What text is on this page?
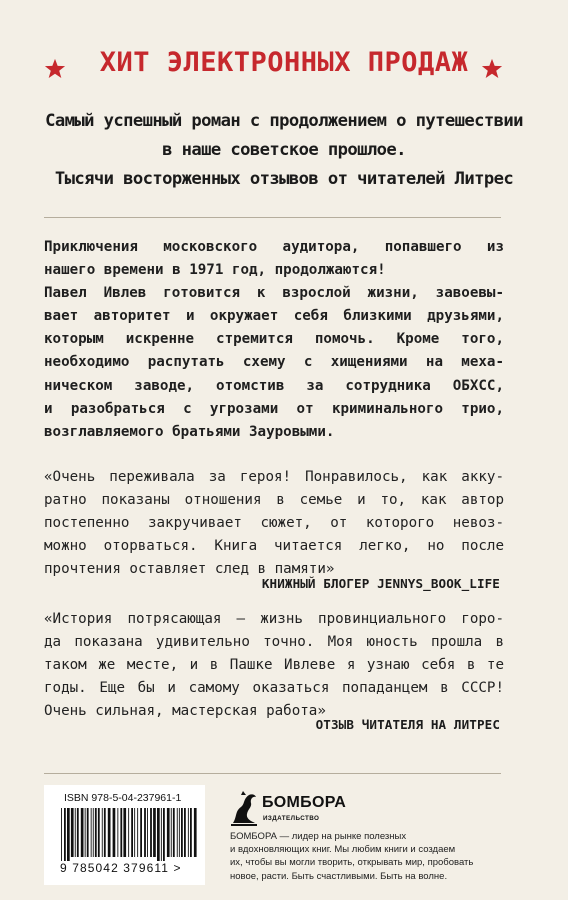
ХИТ ЭЛЕКТРОННЫХ ПРОДАЖ
Самый успешный роман с продолжением о путешествии
в наше советское прошлое.
Тысячи восторженных отзывов от читателей Литрес
Приключения московского аудитора, попавшего из
нашего времени в 1971 год, продолжаются!
Павел Ивлев готовится к взрослой жизни, завоевы-
вает авторитет и окружает себя близкими друзьями,
которым искренне стремится помочь. Кроме того,
необходимо распутать схему с хищениями на меха-
ническом заводе, отомстив за сотрудника ОБХСС,
и разобраться с угрозами от криминального трио,
возглавляемого братьями Зауровыми.
«Очень переживала за героя! Понравилось, как акку-
ратно показаны отношения в семье и то, как автор
постепенно закручивает сюжет, от которого невоз-
можно оторваться. Книга читается легко, но после
прочтения оставляет след в памяти»
КНИЖНЫЙ БЛОГЕР JENNYS_BOOK_LIFE
«История потрясающая — жизнь провинциального горо-
да показана удивительно точно. Моя юность прошла в
таком же месте, и в Пашке Ивлеве я узнаю себя в те
годы. Еще бы и самому оказаться попаданцем в СССР!
Очень сильная, мастерская работа»
ОТЗЫВ ЧИТАТЕЛЯ НА ЛИТРЕС
ISBN 978-5-04-237961-1
9 785042 379611 >
БОМБОРА
ИЗДАТЕЛЬСТВО
БОМБОРА — лидер на рынке полезных
и вдохновляющих книг. Мы любим книги и создаем
их, чтобы вы могли творить, открывать мир, пробовать
новое, расти. Быть счастливыми. Быть на волне.
